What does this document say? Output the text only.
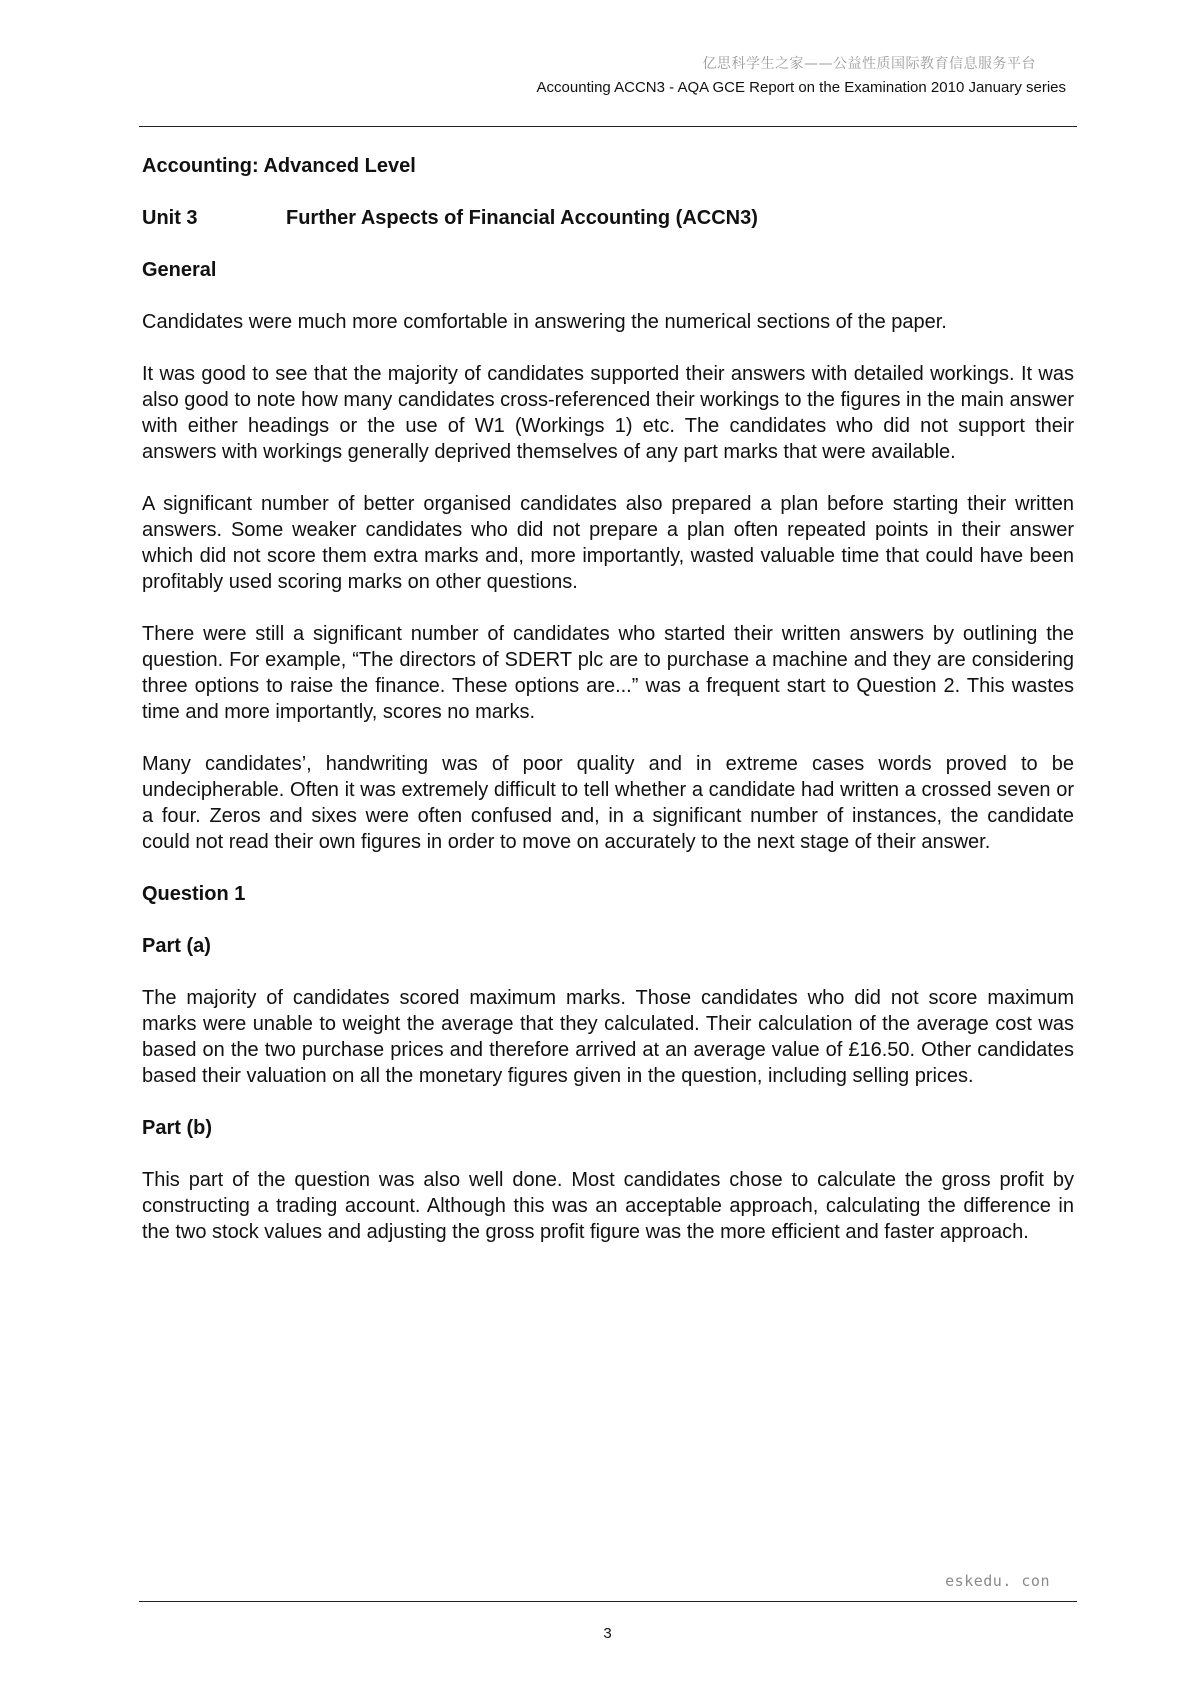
亿思科学生之家——公益性质国际教育信息服务平台
Accounting ACCN3 - AQA GCE Report on the Examination 2010 January series
Accounting: Advanced Level
Unit 3	Further Aspects of Financial Accounting (ACCN3)
General

Candidates were much more comfortable in answering the numerical sections of the paper.

It was good to see that the majority of candidates supported their answers with detailed workings. It was also good to note how many candidates cross-referenced their workings to the figures in the main answer with either headings or the use of W1 (Workings 1) etc. The candidates who did not support their answers with workings generally deprived themselves of any part marks that were available.

A significant number of better organised candidates also prepared a plan before starting their written answers. Some weaker candidates who did not prepare a plan often repeated points in their answer which did not score them extra marks and, more importantly, wasted valuable time that could have been profitably used scoring marks on other questions.

There were still a significant number of candidates who started their written answers by outlining the question. For example, “The directors of SDERT plc are to purchase a machine and they are considering three options to raise the finance. These options are...” was a frequent start to Question 2. This wastes time and more importantly, scores no marks.

Many candidates’, handwriting was of poor quality and in extreme cases words proved to be undecipherable. Often it was extremely difficult to tell whether a candidate had written a crossed seven or a four. Zeros and sixes were often confused and, in a significant number of instances, the candidate could not read their own figures in order to move on accurately to the next stage of their answer.

Question 1
Part (a)

The majority of candidates scored maximum marks. Those candidates who did not score maximum marks were unable to weight the average that they calculated. Their calculation of the average cost was based on the two purchase prices and therefore arrived at an average value of £16.50. Other candidates based their valuation on all the monetary figures given in the question, including selling prices.

Part (b)

This part of the question was also well done. Most candidates chose to calculate the gross profit by constructing a trading account. Although this was an acceptable approach, calculating the difference in the two stock values and adjusting the gross profit figure was the more efficient and faster approach.

eskedu. con
3
